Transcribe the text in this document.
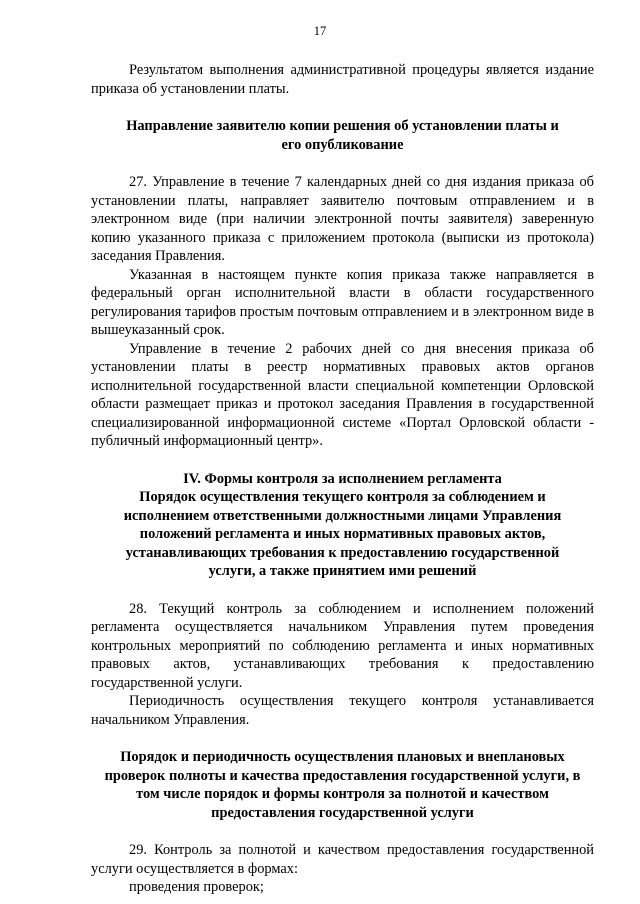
17

Результатом выполнения административной процедуры является издание приказа об установлении платы.

Направление заявителю копии решения об установлении платы и
его опубликование

27. Управление в течение 7 календарных дней со дня издания приказа об установлении платы, направляет заявителю почтовым отправлением и в электронном виде (при наличии электронной почты заявителя) заверенную копию указанного приказа с приложением протокола (выписки из протокола) заседания Правления.

Указанная в настоящем пункте копия приказа также направляется в федеральный орган исполнительной власти в области государственного регулирования тарифов простым почтовым отправлением и в электронном виде в вышеуказанный срок.

Управление в течение 2 рабочих дней со дня внесения приказа об установлении платы в реестр нормативных правовых актов органов исполнительной государственной власти специальной компетенции Орловской области размещает приказ и протокол заседания Правления в государственной специализированной информационной системе «Портал Орловской области - публичный информационный центр».

IV. Формы контроля за исполнением регламента
Порядок осуществления текущего контроля за соблюдением и
исполнением ответственными должностными лицами Управления
положений регламента и иных нормативных правовых актов,
устанавливающих требования к предоставлению государственной
услуги, а также принятием ими решений

28. Текущий контроль за соблюдением и исполнением положений регламента осуществляется начальником Управления путем проведения контрольных мероприятий по соблюдению регламента и иных нормативных правовых актов, устанавливающих требования к предоставлению государственной услуги.

Периодичность осуществления текущего контроля устанавливается начальником Управления.

Порядок и периодичность осуществления плановых и внеплановых
проверок полноты и качества предоставления государственной услуги, в
том числе порядок и формы контроля за полнотой и качеством
предоставления государственной услуги

29. Контроль за полнотой и качеством предоставления государственной услуги осуществляется в формах:

проведения проверок;
